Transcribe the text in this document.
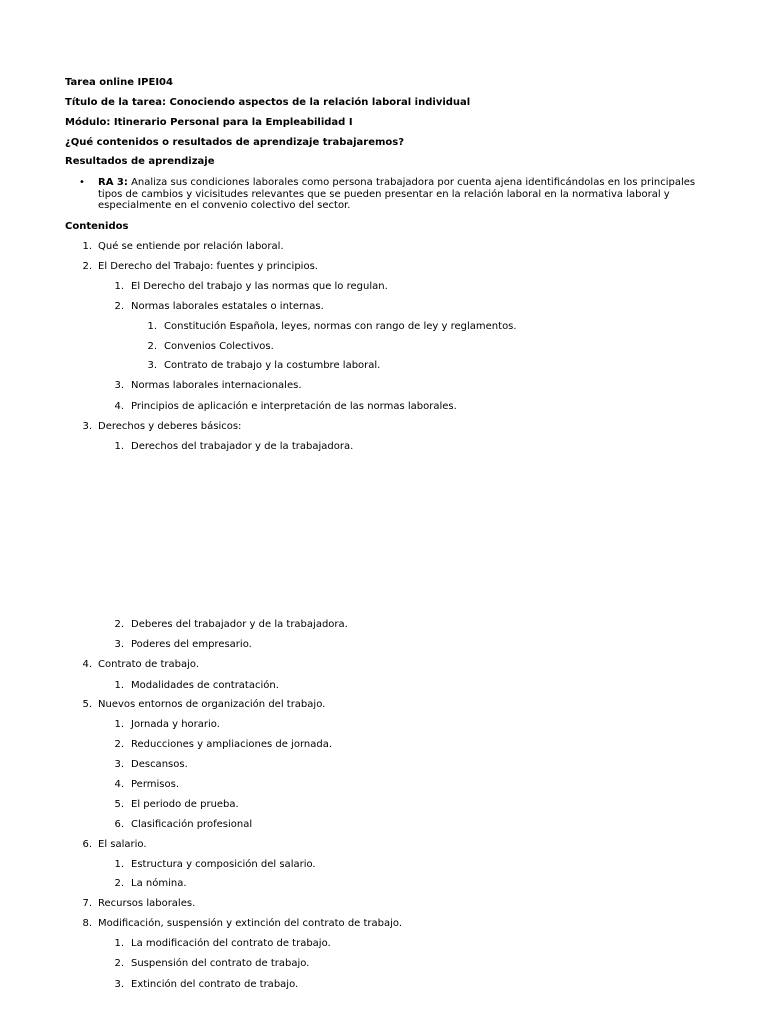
Tarea online IPEI04
Título de la tarea: Conociendo aspectos de la relación laboral individual
Módulo: Itinerario Personal para la Empleabilidad I
¿Qué contenidos o resultados de aprendizaje trabajaremos?
Resultados de aprendizaje
• RA 3: Analiza sus condiciones laborales como persona trabajadora por cuenta ajena identificándolas en los principales tipos de cambios y vicisitudes relevantes que se pueden presentar en la relación laboral en la normativa laboral y especialmente en el convenio colectivo del sector.
Contenidos
1. Qué se entiende por relación laboral.
2. El Derecho del Trabajo: fuentes y principios.
1. El Derecho del trabajo y las normas que lo regulan.
2. Normas laborales estatales o internas.
1. Constitución Española, leyes, normas con rango de ley y reglamentos.
2. Convenios Colectivos.
3. Contrato de trabajo y la costumbre laboral.
3. Normas laborales internacionales.
4. Principios de aplicación e interpretación de las normas laborales.
3. Derechos y deberes básicos:
1. Derechos del trabajador y de la trabajadora.
2. Deberes del trabajador y de la trabajadora.
3. Poderes del empresario.
4. Contrato de trabajo.
1. Modalidades de contratación.
5. Nuevos entornos de organización del trabajo.
1. Jornada y horario.
2. Reducciones y ampliaciones de jornada.
3. Descansos.
4. Permisos.
5. El periodo de prueba.
6. Clasificación profesional
6. El salario.
1. Estructura y composición del salario.
2. La nómina.
7. Recursos laborales.
8. Modificación, suspensión y extinción del contrato de trabajo.
1. La modificación del contrato de trabajo.
2. Suspensión del contrato de trabajo.
3. Extinción del contrato de trabajo.
